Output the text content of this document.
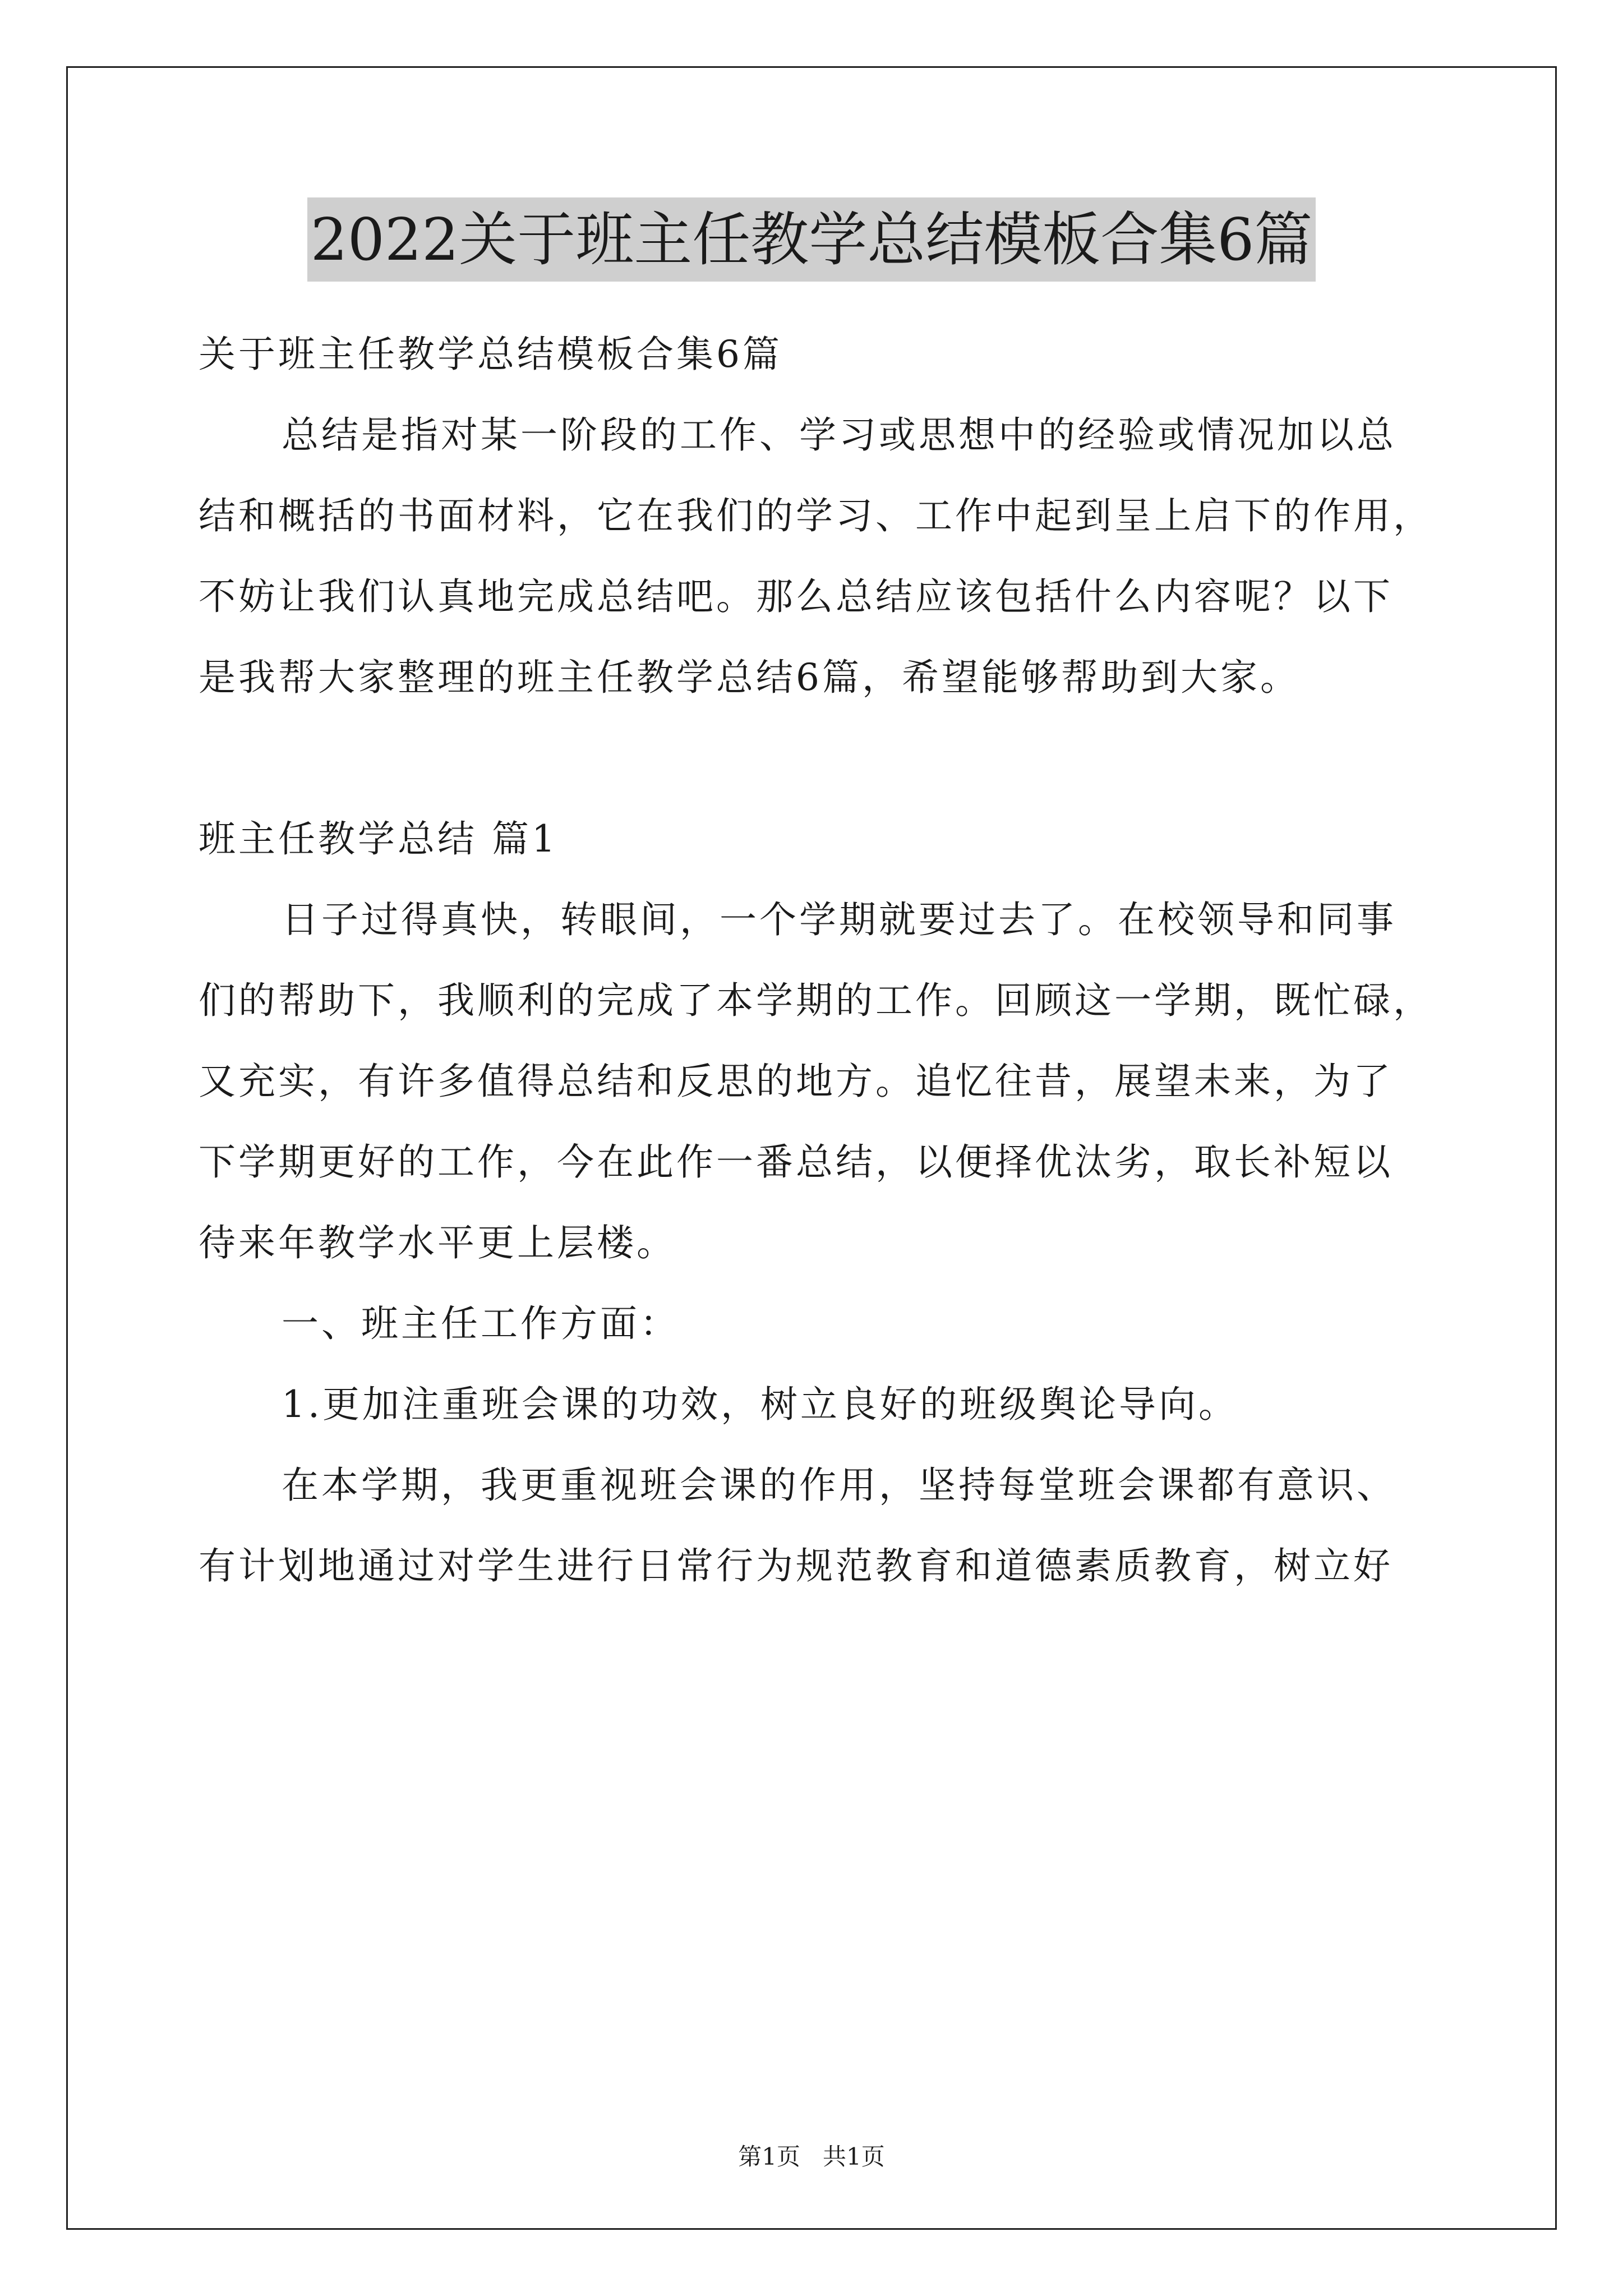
2022关于班主任教学总结模板合集6篇
关于班主任教学总结模板合集6篇
总结是指对某一阶段的工作、学习或思想中的经验或情况加以总
结和概括的书面材料，它在我们的学习、工作中起到呈上启下的作用，
不妨让我们认真地完成总结吧。那么总结应该包括什么内容呢？以下
是我帮大家整理的班主任教学总结6篇，希望能够帮助到大家。
班主任教学总结 篇1
日子过得真快，转眼间，一个学期就要过去了。在校领导和同事
们的帮助下，我顺利的完成了本学期的工作。回顾这一学期，既忙碌，
又充实，有许多值得总结和反思的地方。追忆往昔，展望未来，为了
下学期更好的工作，今在此作一番总结，以便择优汰劣，取长补短以
待来年教学水平更上层楼。
一、班主任工作方面：
1.更加注重班会课的功效，树立良好的班级舆论导向。
在本学期，我更重视班会课的作用，坚持每堂班会课都有意识、
有计划地通过对学生进行日常行为规范教育和道德素质教育，树立好
第1页   共1页
